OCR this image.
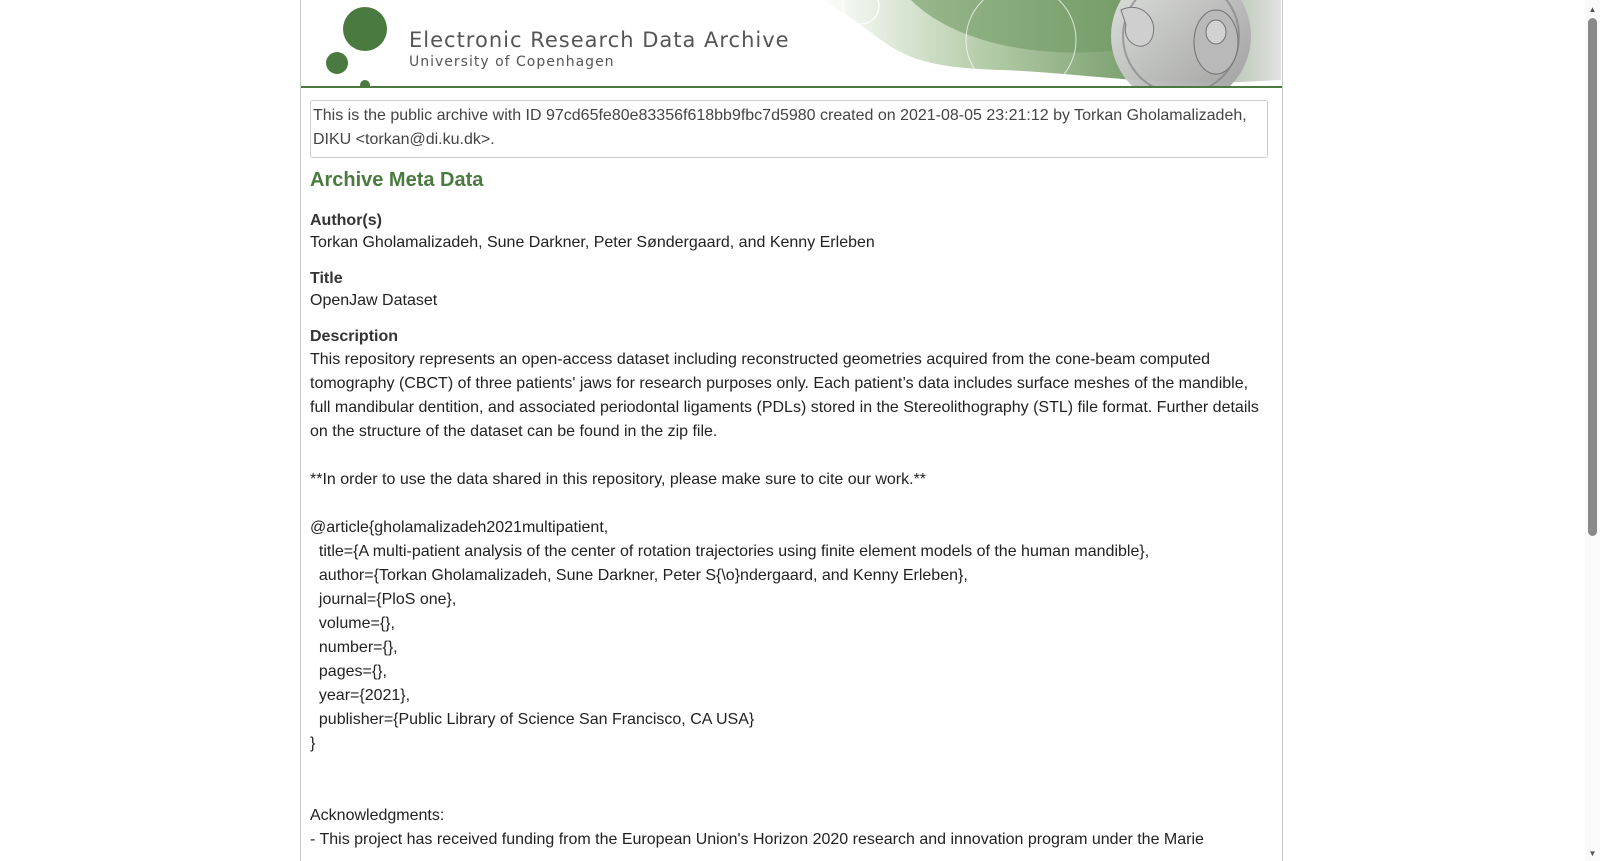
Electronic Research Data Archive
University of Copenhagen
This is the public archive with ID 97cd65fe80e83356f618bb9fbc7d5980 created on 2021-08-05 23:21:12 by Torkan Gholamalizadeh, DIKU <torkan@di.ku.dk>.
Archive Meta Data
Author(s)
Torkan Gholamalizadeh, Sune Darkner, Peter Søndergaard, and Kenny Erleben
Title
OpenJaw Dataset
Description

This repository represents an open-access dataset including reconstructed geometries acquired from the cone-beam computed tomography (CBCT) of three patients' jaws for research purposes only. Each patient’s data includes surface meshes of the mandible, full mandibular dentition, and associated periodontal ligaments (PDLs) stored in the Stereolithography (STL) file format. Further details on the structure of the dataset can be found in the zip file.

**In order to use the data shared in this repository, please make sure to cite our work.**

@article{gholamalizadeh2021multipatient,
title={A multi-patient analysis of the center of rotation trajectories using finite element models of the human mandible},
author={Torkan Gholamalizadeh, Sune Darkner, Peter S{\o}ndergaard, and Kenny Erleben},
journal={PloS one},
volume={},
number={},
pages={},
year={2021},
publisher={Public Library of Science San Francisco, CA USA}
}

Acknowledgments:
- This project has received funding from the European Union's Horizon 2020 research and innovation program under the Marie

▲
▼
